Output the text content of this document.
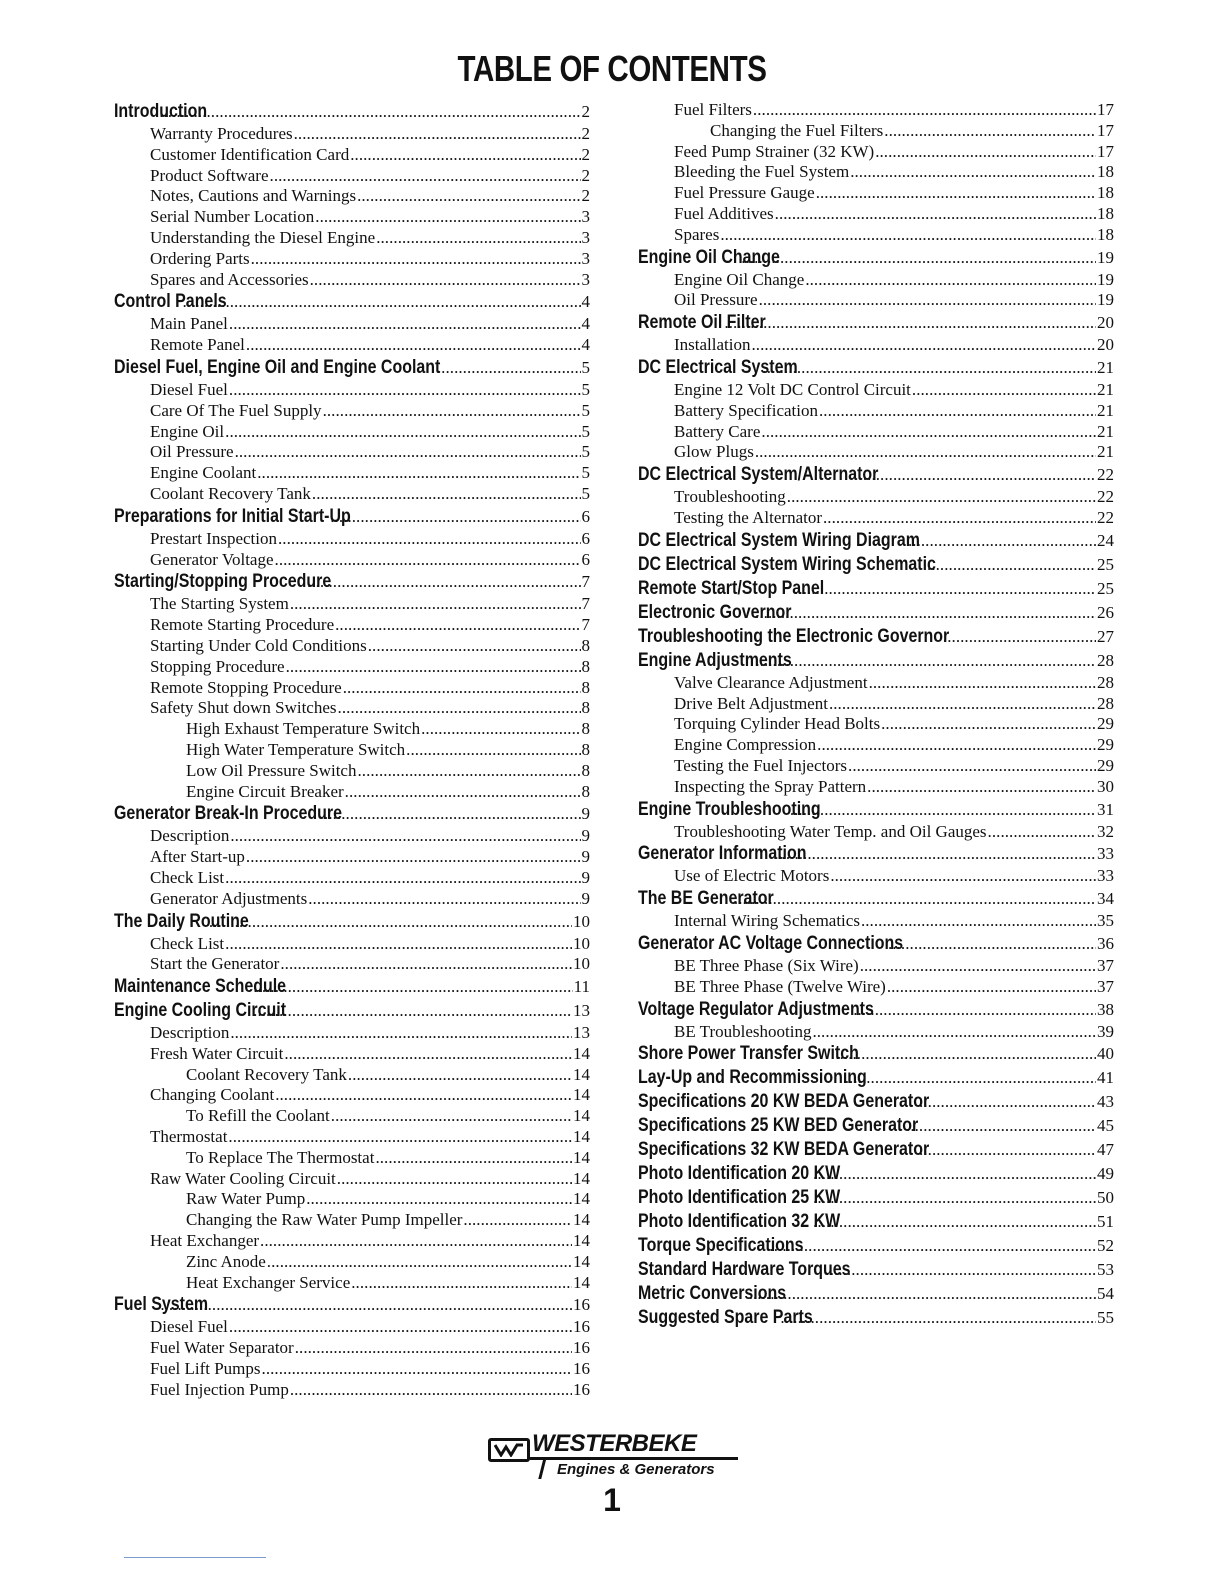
TABLE OF CONTENTS
Introduction . . .	2
Warranty Procedures . . .	2
Customer Identification Card . . .	2
Product Software . . .	2
Notes, Cautions and Warnings . . .	2
Serial Number Location . . .	3
Understanding the Diesel Engine . . .	3
Ordering Parts . . .	3
Spares and Accessories . . .	3
Control Panels . . .	4
Main Panel . . .	4
Remote Panel . . .	4
Diesel Fuel, Engine Oil and Engine Coolant . . .	5
Diesel Fuel . . .	5
Care Of The Fuel Supply . . .	5
Engine Oil . . .	5
Oil Pressure . . .	5
Engine Coolant . . .	5
Coolant Recovery Tank . . .	5
Preparations for Initial Start-Up . . .	6
Prestart Inspection . . .	6
Generator Voltage . . .	6
Starting/Stopping Procedure . . .	7
The Starting System . . .	7
Remote Starting Procedure . . .	7
Starting Under Cold Conditions . . .	8
Stopping Procedure . . .	8
Remote Stopping Procedure . . .	8
Safety Shut down Switches . . .	8
High Exhaust Temperature Switch . . .	8
High Water Temperature Switch . . .	8
Low Oil Pressure Switch . . .	8
Engine Circuit Breaker . . .	8
Generator Break-In Procedure . . .	9
Description . . .	9
After Start-up . . .	9
Check List . . .	9
Generator Adjustments . . .	9
The Daily Routine . . .	10
Check List . . .	10
Start the Generator . . .	10
Maintenance Schedule . . .	11
Engine Cooling Circuit . . .	13
Description . . .	13
Fresh Water Circuit . . .	14
Coolant Recovery Tank . . .	14
Changing Coolant . . .	14
To Refill the Coolant . . .	14
Thermostat . . .	14
To Replace The Thermostat . . .	14
Raw Water Cooling Circuit . . .	14
Raw Water Pump . . .	14
Changing the Raw Water Pump Impeller . . .	14
Heat Exchanger . . .	14
Zinc Anode . . .	14
Heat Exchanger Service . . .	14
Fuel System . . .	16
Diesel Fuel . . .	16
Fuel Water Separator . . .	16
Fuel Lift Pumps . . .	16
Fuel Injection Pump . . .	16
Fuel Filters . . .	17
Changing the Fuel Filters . . .	17
Feed Pump Strainer (32 KW) . . .	17
Bleeding the Fuel System . . .	18
Fuel Pressure Gauge . . .	18
Fuel Additives . . .	18
Spares . . .	18
Engine Oil Change . . .	19
Engine Oil Change . . .	19
Oil Pressure . . .	19
Remote Oil Filter . . .	20
Installation . . .	20
DC Electrical System . . .	21
Engine 12 Volt DC Control Circuit . . .	21
Battery Specification . . .	21
Battery Care . . .	21
Glow Plugs . . .	21
DC Electrical System/Alternator . . .	22
Troubleshooting . . .	22
Testing the Alternator . . .	22
DC Electrical System Wiring Diagram . . .	24
DC Electrical System Wiring Schematic . . .	25
Remote Start/Stop Panel . . .	25
Electronic Governor . . .	26
Troubleshooting the Electronic Governor . . .	27
Engine Adjustments . . .	28
Valve Clearance Adjustment . . .	28
Drive Belt Adjustment . . .	28
Torquing Cylinder Head Bolts . . .	29
Engine Compression . . .	29
Testing the Fuel Injectors . . .	29
Inspecting the Spray Pattern . . .	30
Engine Troubleshooting . . .	31
Troubleshooting Water Temp. and Oil Gauges . . .	32
Generator Information . . .	33
Use of Electric Motors . . .	33
The BE Generator . . .	34
Internal Wiring Schematics . . .	35
Generator AC Voltage Connections . . .	36
BE Three Phase (Six Wire) . . .	37
BE Three Phase (Twelve Wire) . . .	37
Voltage Regulator Adjustments . . .	38
BE Troubleshooting . . .	39
Shore Power Transfer Switch . . .	40
Lay-Up and Recommissioning . . .	41
Specifications 20 KW BEDA Generator . . .	43
Specifications 25 KW BED Generator . . .	45
Specifications 32 KW BEDA Generator . . .	47
Photo Identification 20 KW . . .	49
Photo Identification 25 KW . . .	50
Photo Identification 32 KW . . .	51
Torque Specifications . . .	52
Standard Hardware Torques . . .	53
Metric Conversions . . .	54
Suggested Spare Parts . . .	55
WESTERBEKE
Engines & Generators
1
